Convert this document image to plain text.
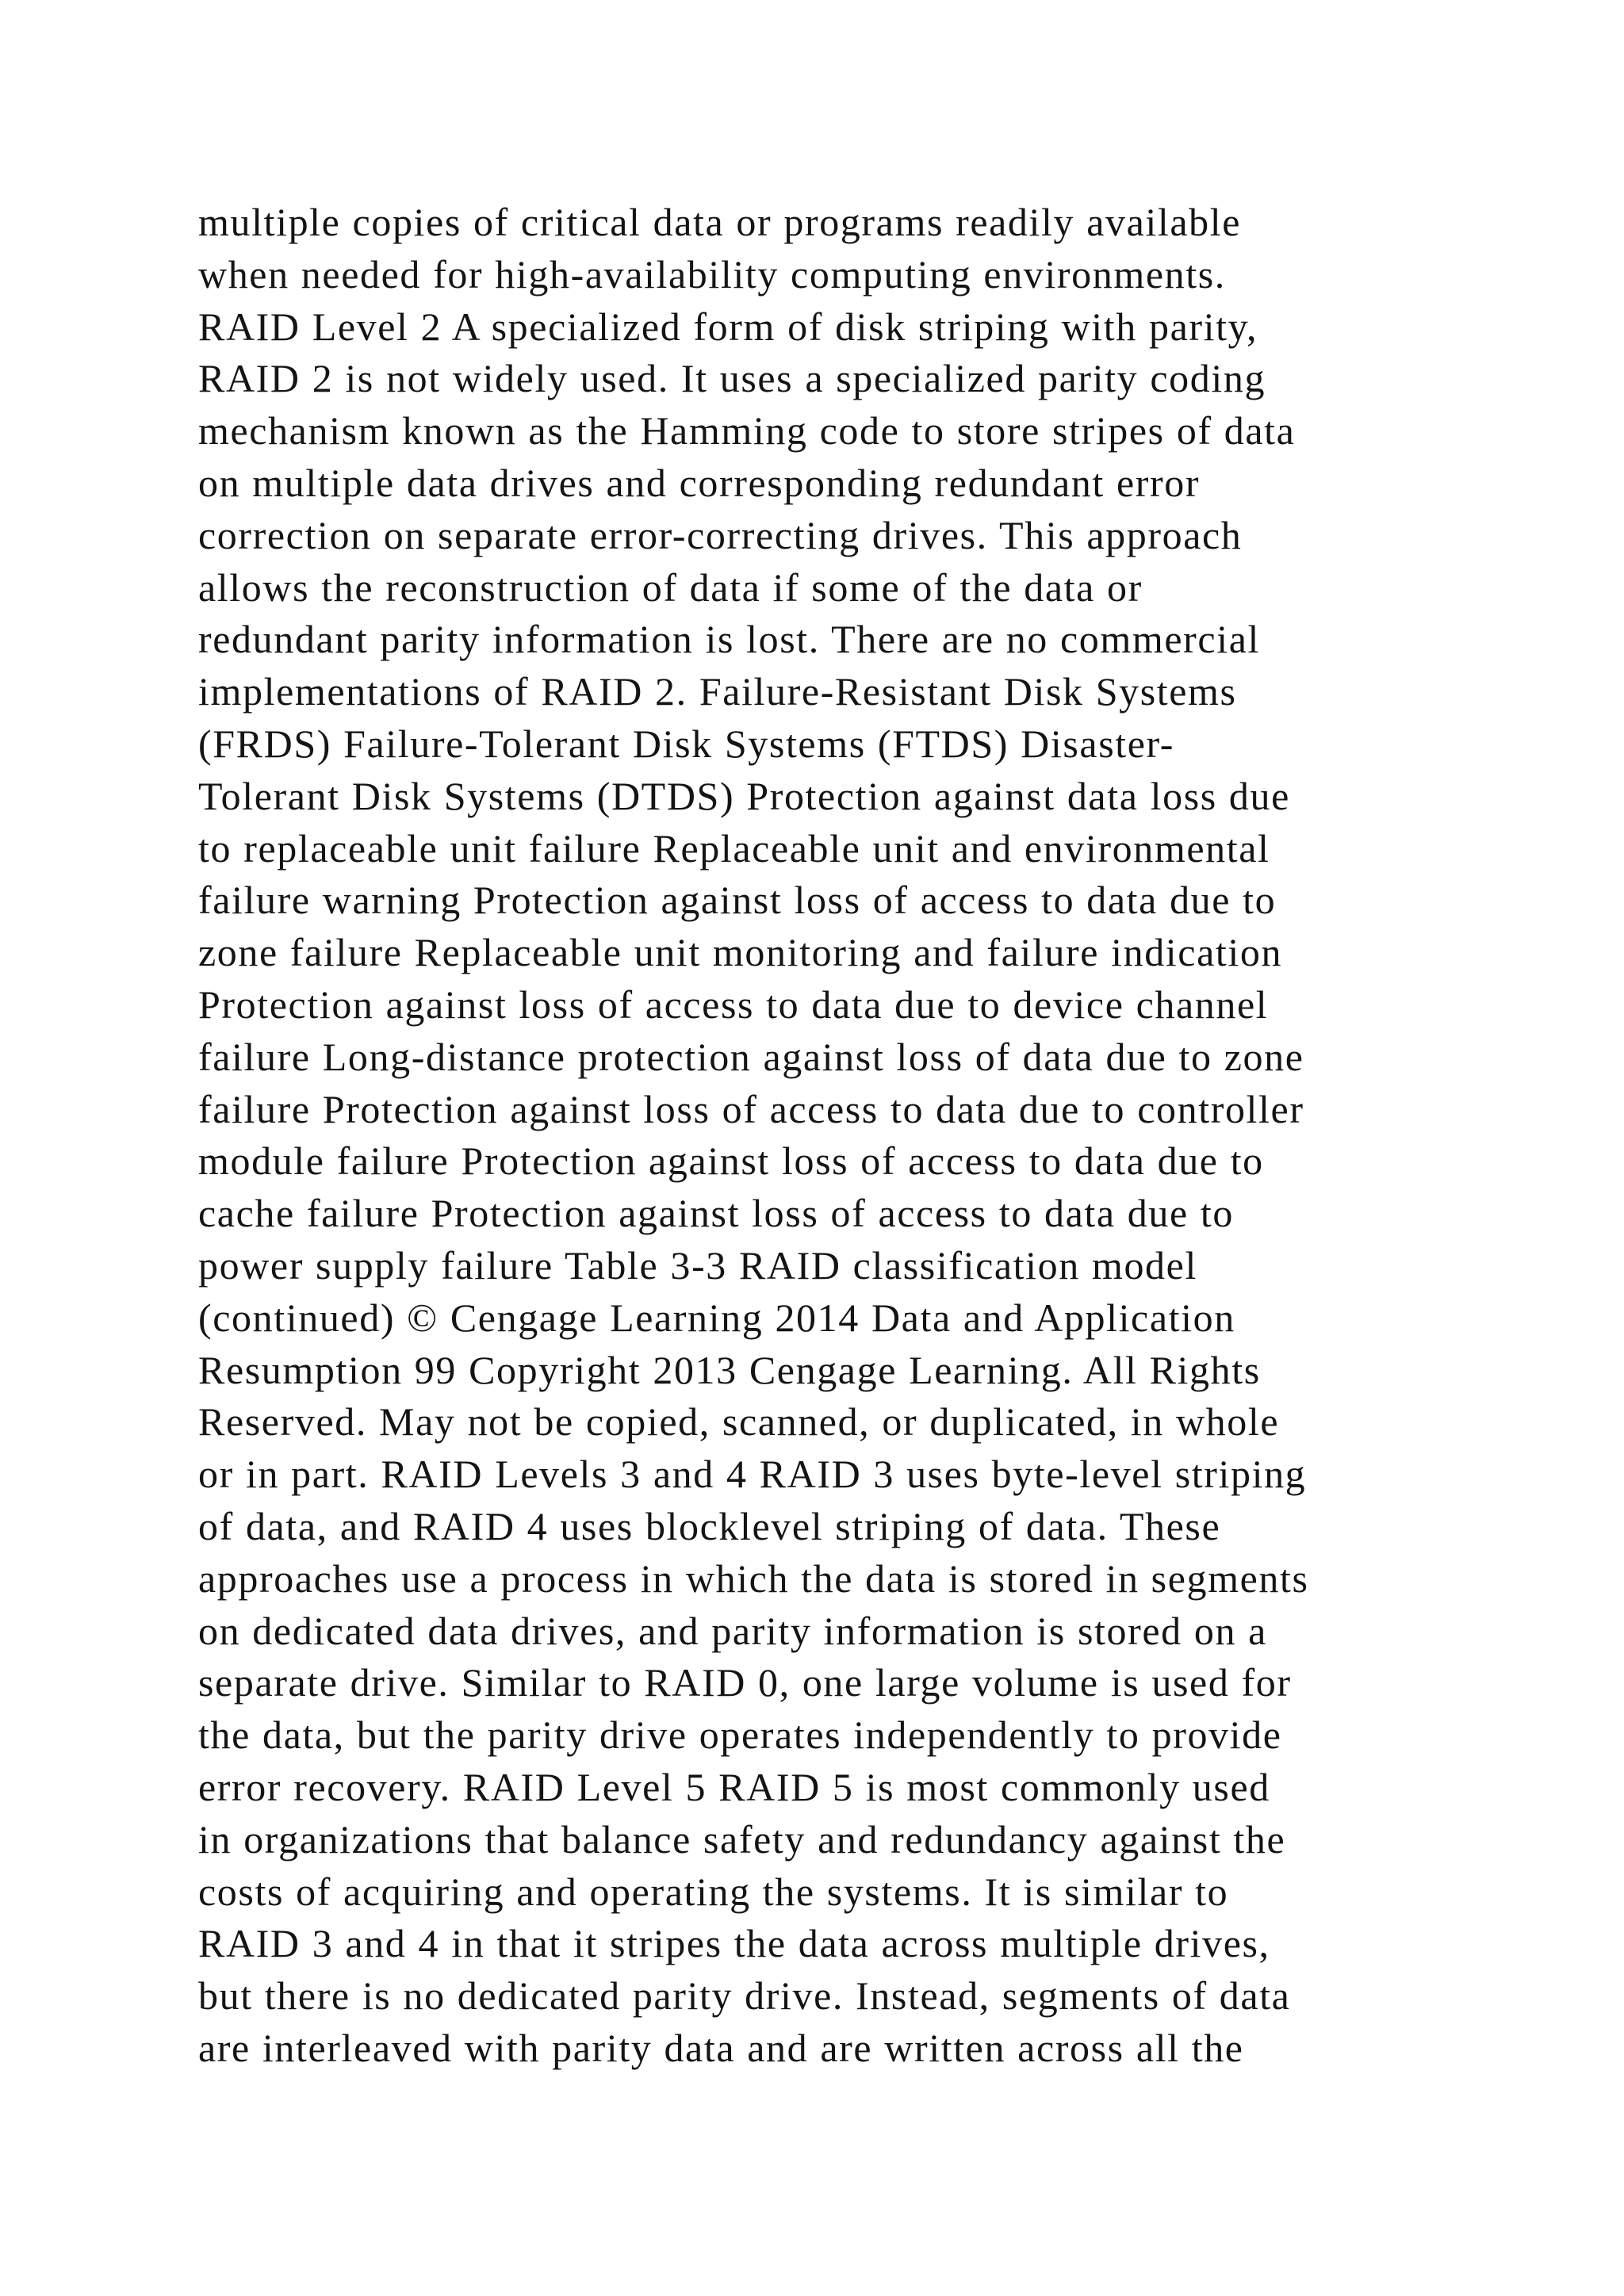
multiple copies of critical data or programs readily available
when needed for high-availability computing environments.
RAID Level 2 A specialized form of disk striping with parity,
RAID 2 is not widely used. It uses a specialized parity coding
mechanism known as the Hamming code to store stripes of data
on multiple data drives and corresponding redundant error
correction on separate error-correcting drives. This approach
allows the reconstruction of data if some of the data or
redundant parity information is lost. There are no commercial
implementations of RAID 2. Failure-Resistant Disk Systems
(FRDS) Failure-Tolerant Disk Systems (FTDS) Disaster-
Tolerant Disk Systems (DTDS) Protection against data loss due
to replaceable unit failure Replaceable unit and environmental
failure warning Protection against loss of access to data due to
zone failure Replaceable unit monitoring and failure indication
Protection against loss of access to data due to device channel
failure Long-distance protection against loss of data due to zone
failure Protection against loss of access to data due to controller
module failure Protection against loss of access to data due to
cache failure Protection against loss of access to data due to
power supply failure Table 3-3 RAID classification model
(continued) © Cengage Learning 2014 Data and Application
Resumption 99 Copyright 2013 Cengage Learning. All Rights
Reserved. May not be copied, scanned, or duplicated, in whole
or in part. RAID Levels 3 and 4 RAID 3 uses byte-level striping
of data, and RAID 4 uses blocklevel striping of data. These
approaches use a process in which the data is stored in segments
on dedicated data drives, and parity information is stored on a
separate drive. Similar to RAID 0, one large volume is used for
the data, but the parity drive operates independently to provide
error recovery. RAID Level 5 RAID 5 is most commonly used
in organizations that balance safety and redundancy against the
costs of acquiring and operating the systems. It is similar to
RAID 3 and 4 in that it stripes the data across multiple drives,
but there is no dedicated parity drive. Instead, segments of data
are interleaved with parity data and are written across all the
